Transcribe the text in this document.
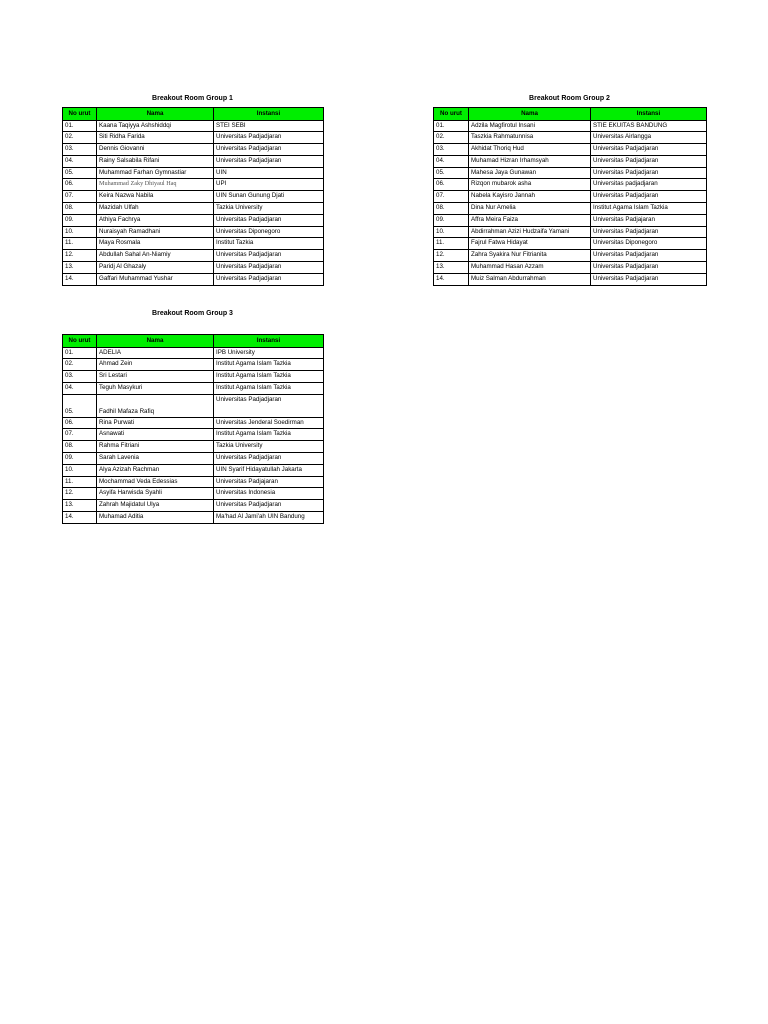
Breakout Room Group 1
No urut	Nama	Instansi
01.	Kaana Taqiyya Ashshiddqi	STEI SEBI
02.	Siti Ridha Farida	Universitas Padjadjaran
03.	Dennis Giovanni	Universitas Padjadjaran
04.	Rainy Salsabila Rifani	Universitas Padjadjaran
05.	Muhammad Farhan Gymnastiar	UIN
06.	Muhammad Zaky Dhiyaul Haq	UPI
07.	Keira Nazwa Nabila	UIN Sunan Gunung Djati
08.	Mazidah Ulfah	Tazkia University
09.	Athiya Fachrya	Universitas Padjadjaran
10.	Nuraisyah Ramadhani	Universitas Diponegoro
11.	Maya Rosmala	Institut Tazkia
12.	Abdullah Sahal An-Niamiy	Universitas Padjadjaran
13.	Paridj Al Ghazaly	Universitas Padjadjaran
14.	Gaffari Muhammad Yushar	Universitas Padjadjaran
Breakout Room Group 2
No urut	Nama	Instansi
01.	Adzila Magfirotul Insani	STIE EKUITAS BANDUNG
02.	Taszkia Rahmatunnisa	Universitas Airlangga
03.	Akhidat Thoriq Hud	Universitas Padjadjaran
04.	Muhamad Hizran Irhamsyah	Universitas Padjadjaran
05.	Mahesa Jaya Gunawan	Universitas Padjadjaran
06.	Rizqon mubarok asha	Universitas padjadjaran
07.	Nabela Kayisro Jannah	Universitas Padjadjaran
08.	Dina Nur Amelia	Institut Agama Islam Tazkia
09.	Affra Meira Faiza	Universitas Padjajaran
10.	Abdirrahman Azizi Hudzaifa Yamani	Universitas Padjadjaran
11.	Fajrul Fatwa Hidayat	Universitas Diponegoro
12.	Zahra Syakira Nur Fitrianita	Universitas Padjadjaran
13.	Muhammad Hasan Azzam	Universitas Padjadjaran
14.	Muiz Salman Abdurrahman	Universitas Padjadjaran
Breakout Room Group 3
No urut	Nama	Instansi
01.	ADELIA	IPB University
02.	Ahmad Zein	Institut Agama Islam Tazkia
03.	Sri Lestari	Institut Agama Islam Tazkia
04.	Teguh Masykuri	Institut Agama Islam Tazkia
05.	Fadhil Mafaza Rafiq	Universitas Padjadjaran
06.	Rina Purwati	Universitas Jenderal Soedirman
07.	Asnawati	Institut Agama Islam Tazkia
08.	Rahma Fitriani	Tazkia University
09.	Sarah Lavenia	Universitas Padjadjaran
10.	Alya Azizah Rachman	UIN Syarif Hidayatullah Jakarta
11.	Mochammad Veda Edessias	Universitas Padjajaran
12.	Asyifa Harwisda Syahli	Universitas Indonesia
13.	Zahrah Majidatul Ulya	Universitas Padjadjaran
14.	Muhamad Aditia	Ma'had Al Jami'ah UIN Bandung
